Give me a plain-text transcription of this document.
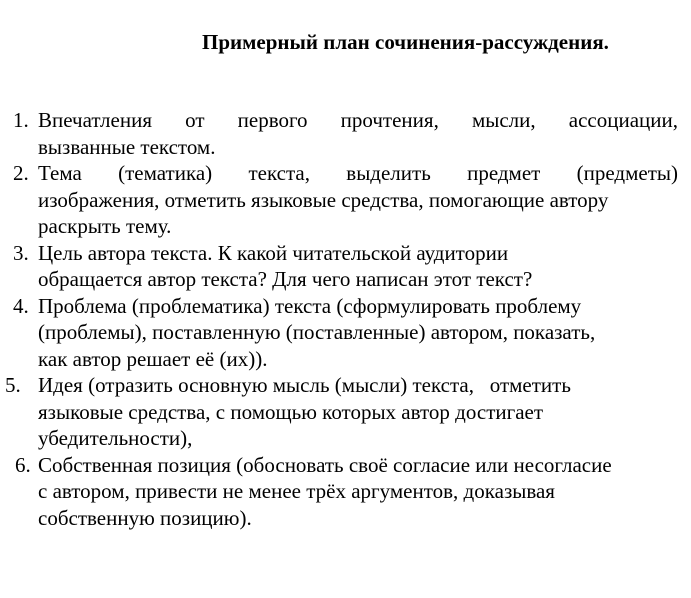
Примерный план сочинения-рассуждения.
1. Впечатления от первого прочтения, мысли, ассоциации,
вызванные текстом.
2. Тема (тематика) текста, выделить предмет (предметы)
изображения, отметить языковые средства, помогающие автору
раскрыть тему.
3. Цель автора текста. К какой читательской аудитории
обращается автор текста? Для чего написан этот текст?
4. Проблема (проблематика) текста (сформулировать проблему
(проблемы), поставленную (поставленные) автором, показать,
как автор решает её (их)).
5. Идея (отразить основную мысль (мысли) текста,   отметить
языковые средства, с помощью которых автор достигает
убедительности),
6. Собственная позиция (обосновать своё согласие или несогласие
с автором, привести не менее трёх аргументов, доказывая
собственную позицию).
